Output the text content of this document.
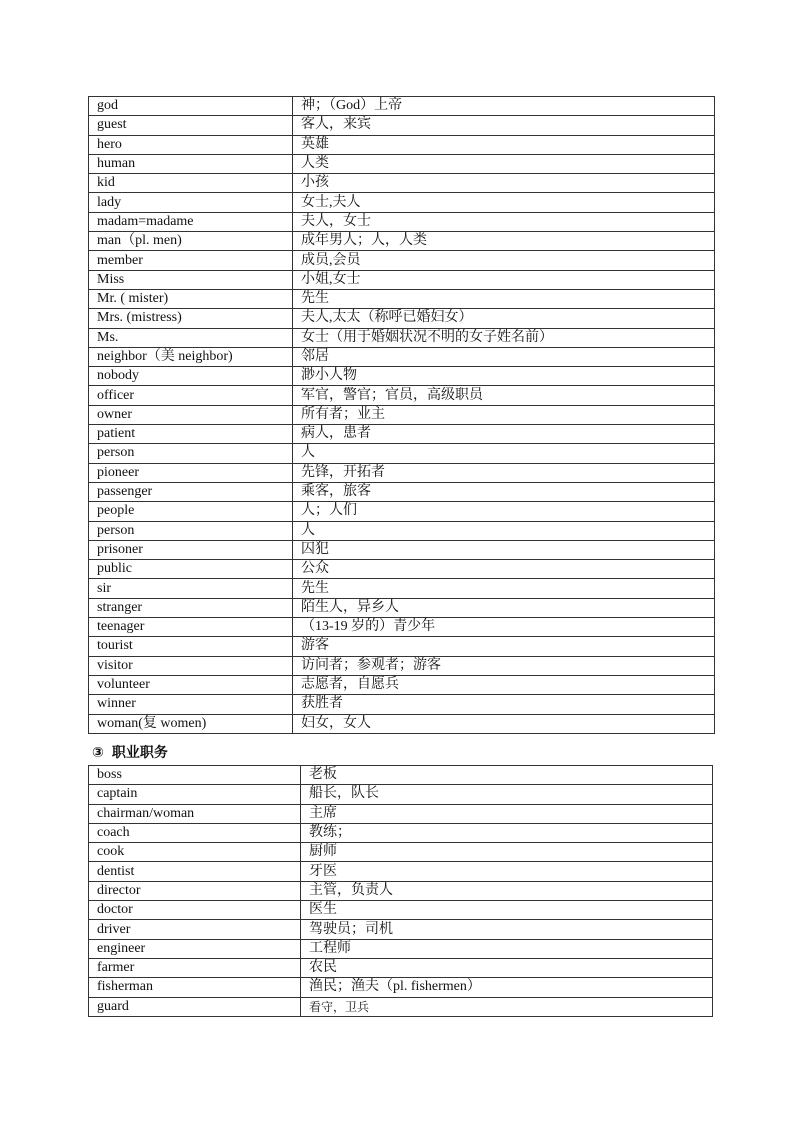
god	神；（God）上帝
guest	客人，来宾
hero	英雄
human	人类
kid	小孩
lady	女士,夫人
madam=madame	夫人，女士
man（pl. men)	成年男人；人，人类
member	成员,会员
Miss	小姐,女士
Mr. ( mister)	先生
Mrs. (mistress)	夫人,太太（称呼已婚妇女）
Ms.	女士（用于婚姻状况不明的女子姓名前）
neighbor（美 neighbor)	邻居
nobody	渺小人物
officer	军官，警官；官员，高级职员
owner	所有者；业主
patient	病人，患者
person	人
pioneer	先锋，开拓者
passenger	乘客，旅客
people	人；人们
person	人
prisoner	囚犯
public	公众
sir	先生
stranger	陌生人，异乡人
teenager	（13-19 岁的）青少年
tourist	游客
visitor	访问者；参观者；游客
volunteer	志愿者，自愿兵
winner	获胜者
woman(复 women)	妇女，女人
③ 职业职务
boss	老板
captain	船长，队长
chairman/woman	主席
coach	教练；
cook	厨师
dentist	牙医
director	主管，负责人
doctor	医生
driver	驾驶员；司机
engineer	工程师
farmer	农民
fisherman	渔民；渔夫（pl. fishermen）
guard	看守，卫兵
